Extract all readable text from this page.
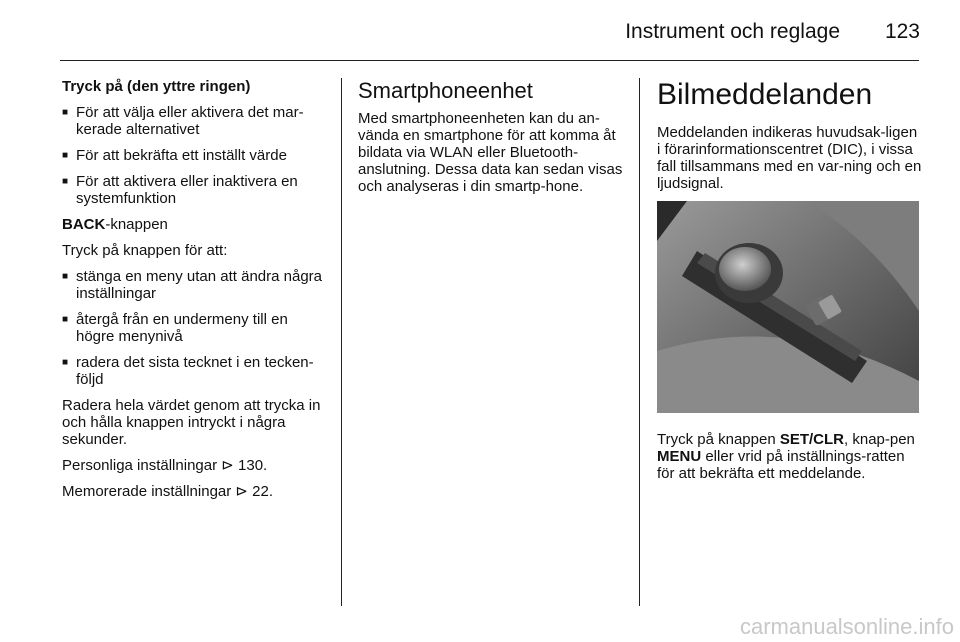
Instrument och reglage 123

Tryck på (den yttre ringen)

■ För att välja eller aktivera det mar-kerade alternativet
■ För att bekräfta ett inställt värde
■ För att aktivera eller inaktivera en systemfunktion

BACK-knappen

Tryck på knappen för att:

■ stänga en meny utan att ändra några inställningar
■ återgå från en undermeny till en högre menynivå
■ radera det sista tecknet i en tecken-följd

Radera hela värdet genom att trycka in och hålla knappen intryckt i några sekunder.

Personliga inställningar ⊳ 130.

Memorerade inställningar ⊳ 22.

Smartphoneenhet

Med smartphoneenheten kan du an-vända en smartphone för att komma åt bildata via WLAN eller Bluetooth-anslutning. Dessa data kan sedan visas och analyseras i din smartp-hone.

Bilmeddelanden

Meddelanden indikeras huvudsak-ligen i förarinformationscentret (DIC), i vissa fall tillsammans med en var-ning och en ljudsignal.

Tryck på knappen SET/CLR, knap-pen MENU eller vrid på inställnings-ratten för att bekräfta ett meddelande.

carmanualsonline.info
